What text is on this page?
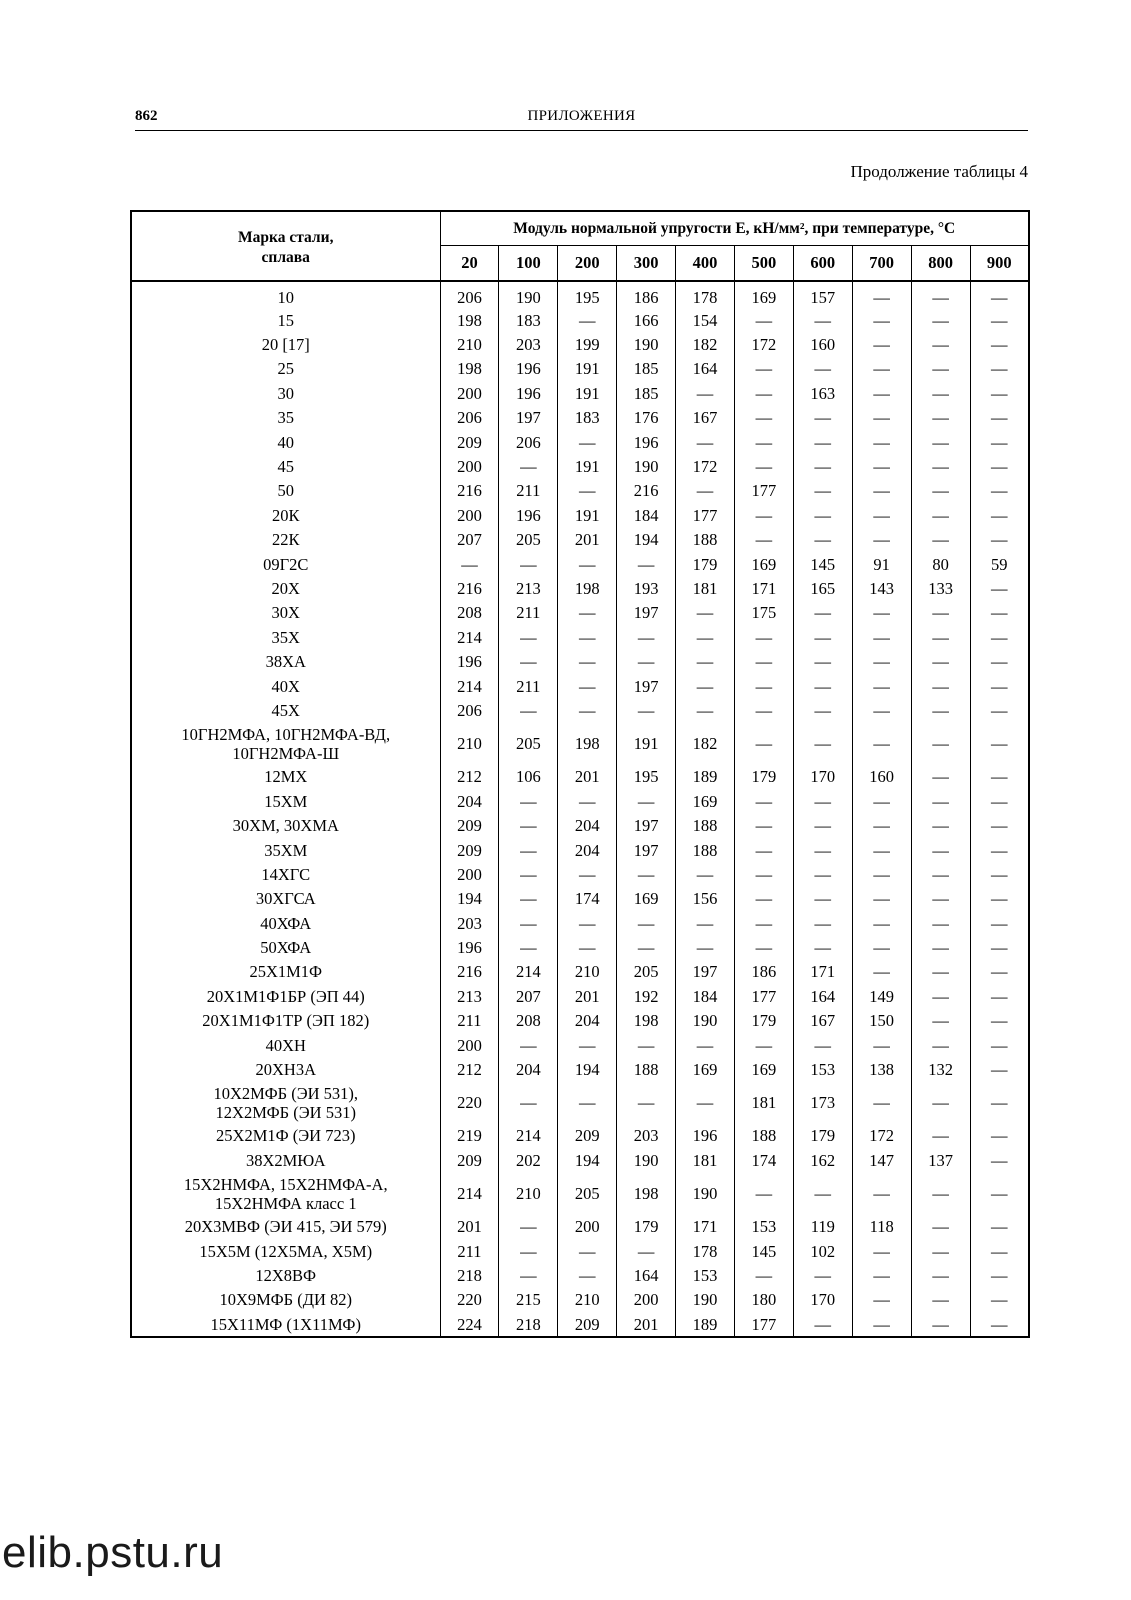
862	ПРИЛОЖЕНИЯ
Продолжение таблицы 4
Марка стали,
сплава	Модуль нормальной упругости E, кН/мм², при температуре, °C									
	20	100	200	300	400	500	600	700	800	900

10	206	190	195	186	178	169	157	—	—	—

15	198	183	—	166	154	—	—	—	—	—

20 [17]	210	203	199	190	182	172	160	—	—	—

25	198	196	191	185	164	—	—	—	—	—

30	200	196	191	185	—	—	163	—	—	—

35	206	197	183	176	167	—	—	—	—	—

40	209	206	—	196	—	—	—	—	—	—

45	200	—	191	190	172	—	—	—	—	—

50	216	211	—	216	—	177	—	—	—	—

20К	200	196	191	184	177	—	—	—	—	—

22К	207	205	201	194	188	—	—	—	—	—

09Г2С	—	—	—	—	179	169	145	91	80	59

20Х	216	213	198	193	181	171	165	143	133	—

30Х	208	211	—	197	—	175	—	—	—	—

35Х	214	—	—	—	—	—	—	—	—	—

38ХА	196	—	—	—	—	—	—	—	—	—

40Х	214	211	—	197	—	—	—	—	—	—

45Х	206	—	—	—	—	—	—	—	—	—

10ГН2МФА, 10ГН2МФА-ВД,
10ГН2МФА-Ш	210	205	198	191	182	—	—	—	—	—

12МХ	212	106	201	195	189	179	170	160	—	—

15ХМ	204	—	—	—	169	—	—	—	—	—

30ХМ, 30ХМА	209	—	204	197	188	—	—	—	—	—

35ХМ	209	—	204	197	188	—	—	—	—	—

14ХГС	200	—	—	—	—	—	—	—	—	—

30ХГСА	194	—	174	169	156	—	—	—	—	—

40ХФА	203	—	—	—	—	—	—	—	—	—

50ХФА	196	—	—	—	—	—	—	—	—	—

25Х1М1Ф	216	214	210	205	197	186	171	—	—	—

20Х1М1Ф1БР (ЭП 44)	213	207	201	192	184	177	164	149	—	—

20Х1М1Ф1ТР (ЭП 182)	211	208	204	198	190	179	167	150	—	—

40ХН	200	—	—	—	—	—	—	—	—	—

20ХН3А	212	204	194	188	169	169	153	138	132	—

10Х2МФБ (ЭИ 531),
12Х2МФБ (ЭИ 531)	220	—	—	—	—	181	173	—	—	—

25Х2М1Ф (ЭИ 723)	219	214	209	203	196	188	179	172	—	—

38Х2МЮА	209	202	194	190	181	174	162	147	137	—

15Х2НМФА, 15Х2НМФА-А,
15Х2НМФА класс 1	214	210	205	198	190	—	—	—	—	—

20Х3МВФ (ЭИ 415, ЭИ 579)	201	—	200	179	171	153	119	118	—	—

15Х5М (12Х5МА, Х5М)	211	—	—	—	178	145	102	—	—	—

12Х8ВФ	218	—	—	164	153	—	—	—	—	—

10Х9МФБ (ДИ 82)	220	215	210	200	190	180	170	—	—	—

15Х11МФ (1Х11МФ)	224	218	209	201	189	177	—	—	—	—
elib.pstu.ru
